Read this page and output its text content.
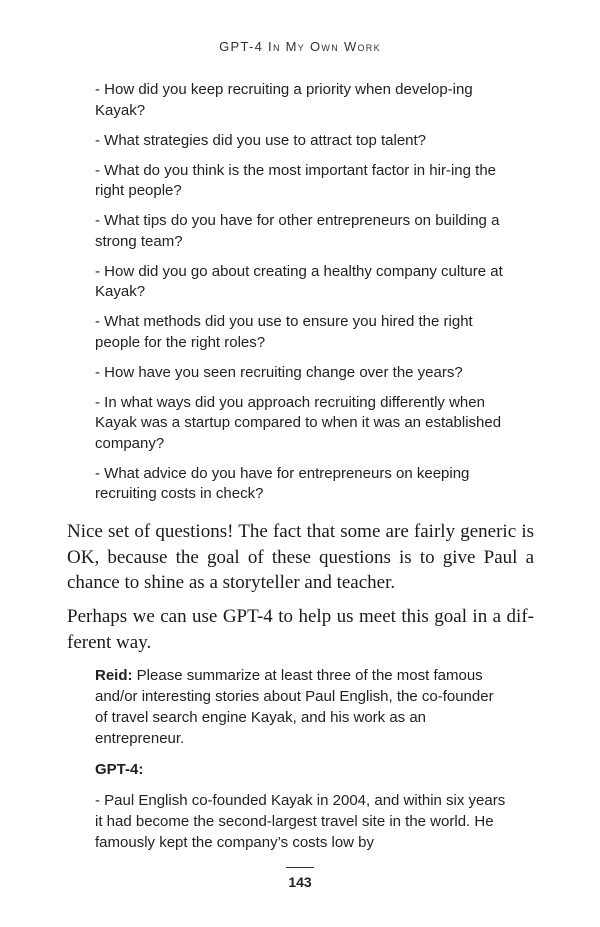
GPT-4 In My Own Work

- How did you keep recruiting a priority when develop-ing Kayak?

- What strategies did you use to attract top talent?

- What do you think is the most important factor in hir-ing the right people?

- What tips do you have for other entrepreneurs on building a strong team?

- How did you go about creating a healthy company culture at Kayak?

- What methods did you use to ensure you hired the right people for the right roles?

- How have you seen recruiting change over the years?

- In what ways did you approach recruiting differently when Kayak was a startup compared to when it was an established company?

- What advice do you have for entrepreneurs on keeping recruiting costs in check?

Nice set of questions! The fact that some are fairly generic is OK, because the goal of these questions is to give Paul a chance to shine as a storyteller and teacher.

Perhaps we can use GPT-4 to help us meet this goal in a dif-ferent way.

Reid: Please summarize at least three of the most famous and/or interesting stories about Paul English, the co-founder of travel search engine Kayak, and his work as an entrepreneur.
GPT-4:
- Paul English co-founded Kayak in 2004, and within six years it had become the second-largest travel site in the world. He famously kept the company’s costs low by
143
